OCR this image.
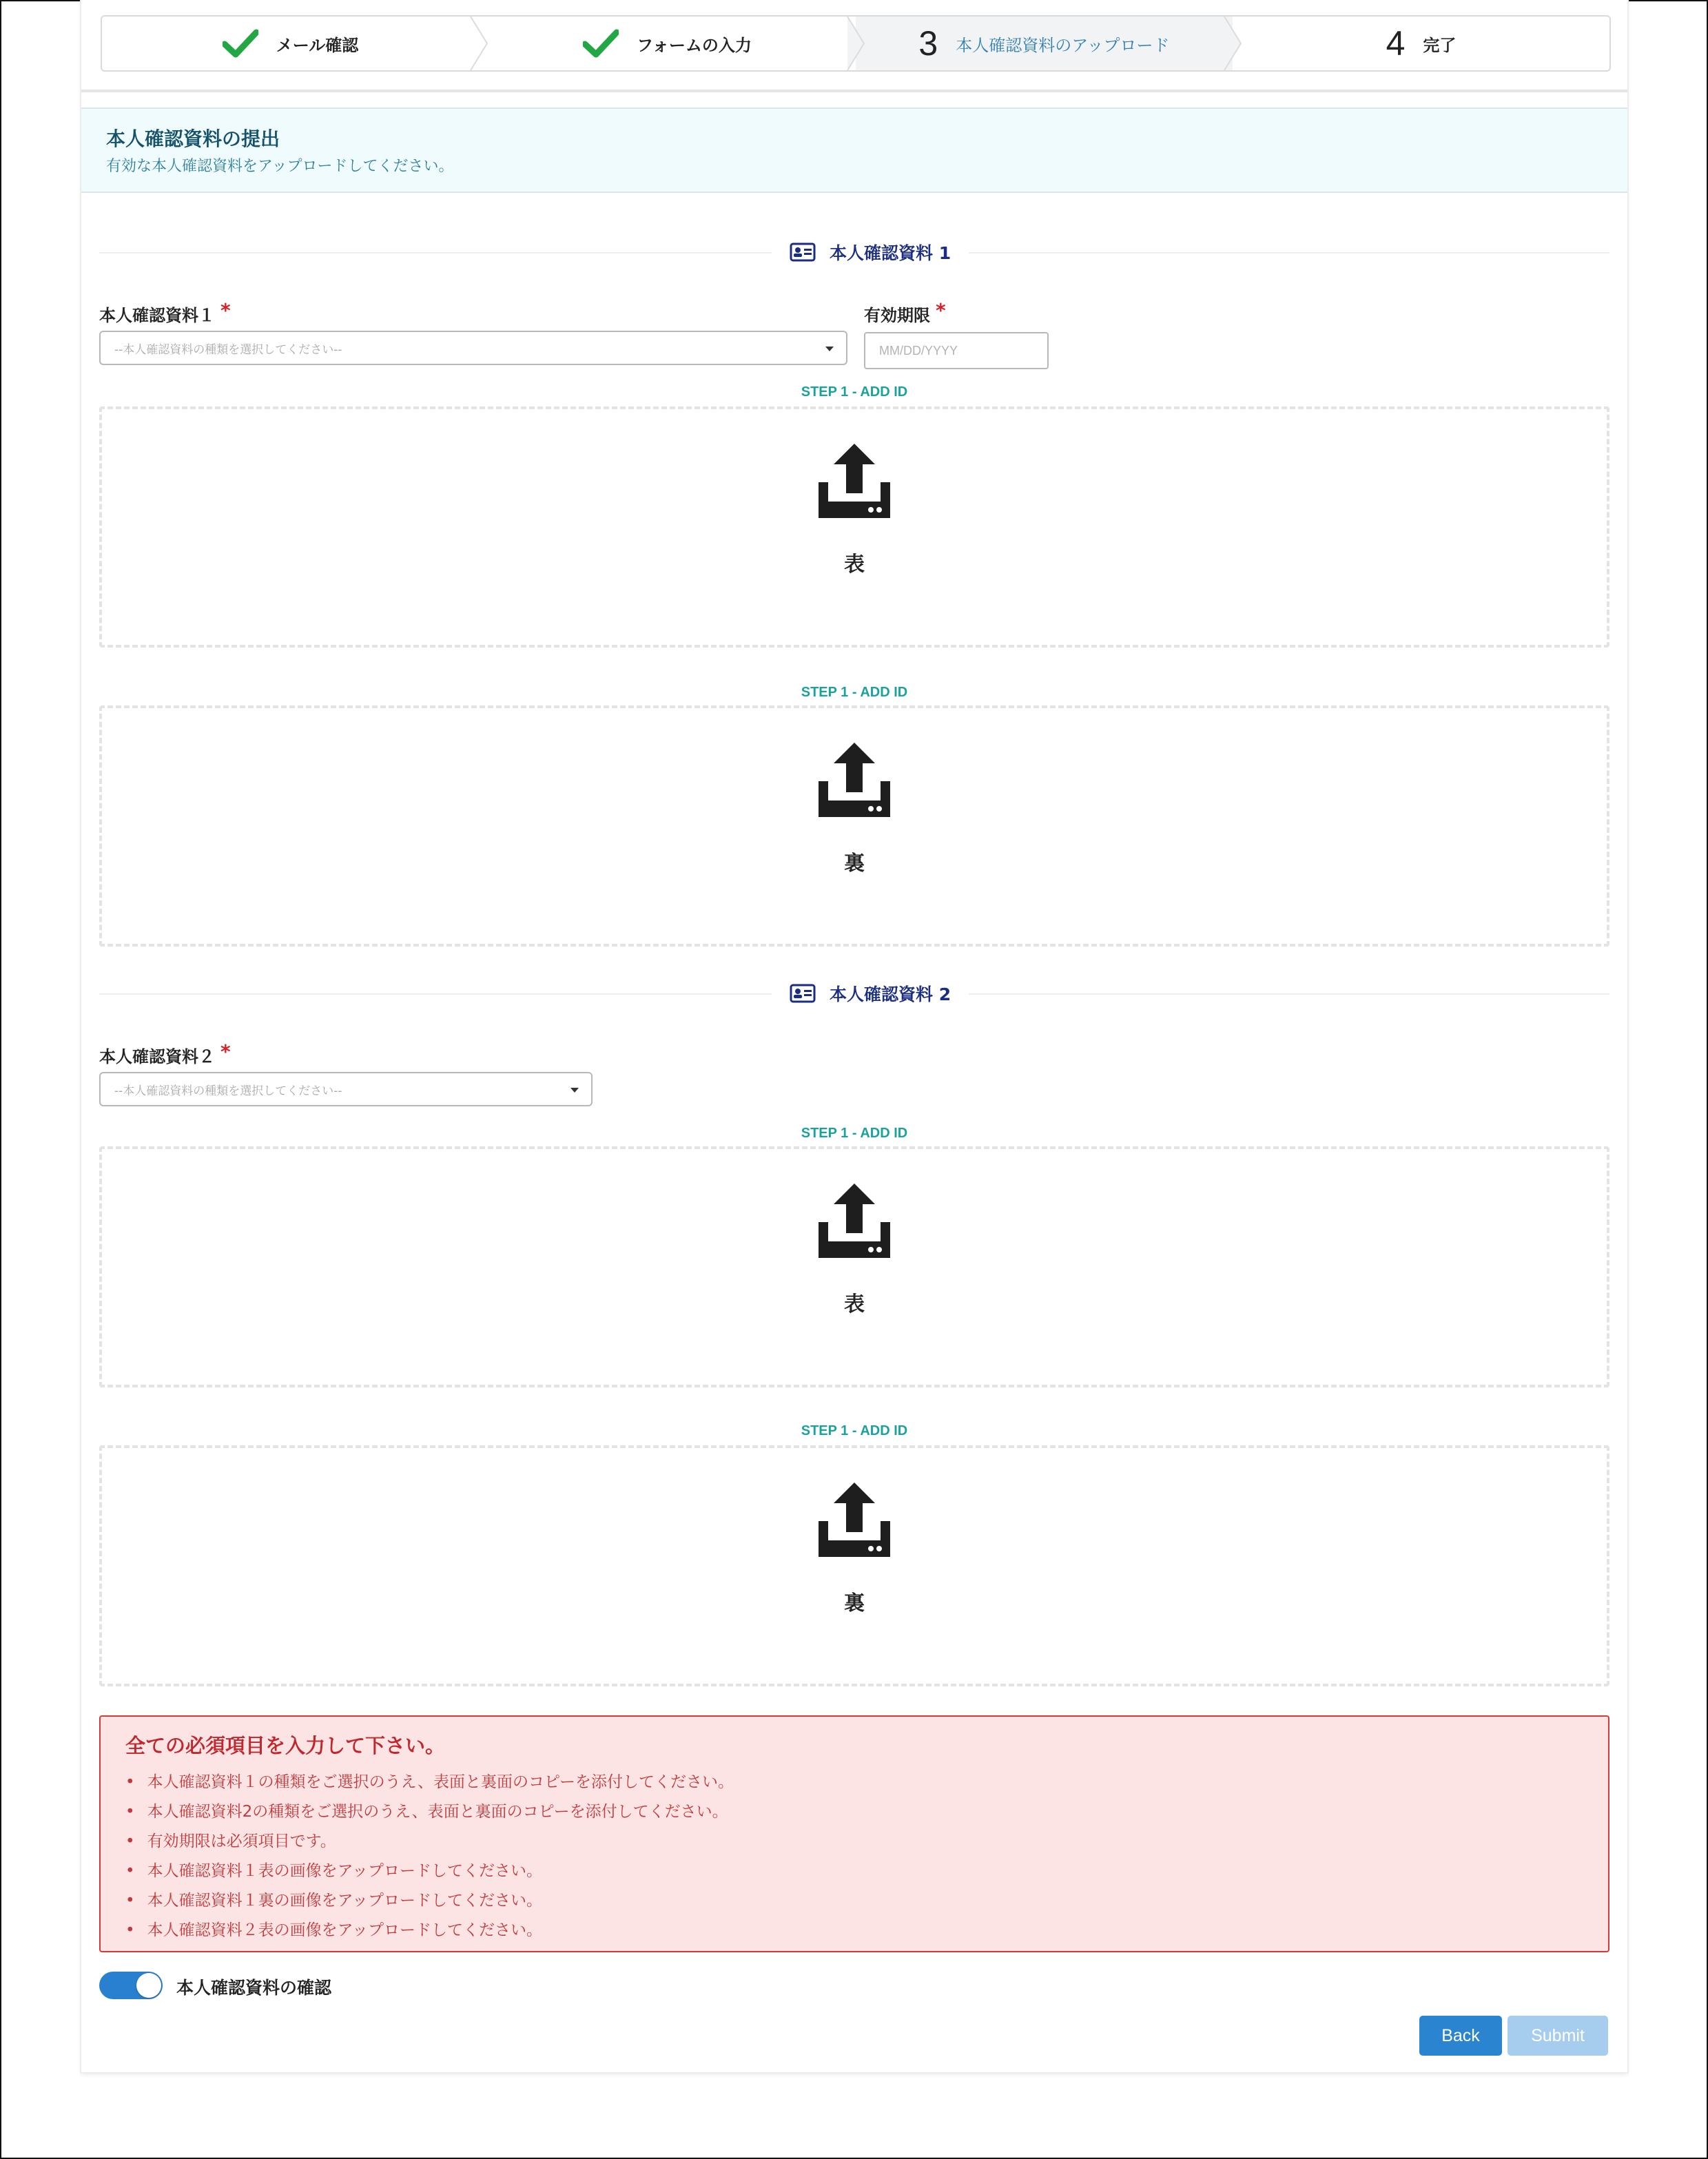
メール確認	フォームの入力	3 本人確認資料のアップロード	4 完了
本人確認資料の提出
有効な本人確認資料をアップロードしてください。
本人確認資料 1
本人確認資料１ *
--本人確認資料の種類を選択してください--
有効期限 *
MM/DD/YYYY
STEP 1 - ADD ID
表
STEP 1 - ADD ID
裏
本人確認資料 2
本人確認資料２ *
--本人確認資料の種類を選択してください--
STEP 1 - ADD ID
表
STEP 1 - ADD ID
裏
全ての必須項目を入力して下さい。
• 本人確認資料１の種類をご選択のうえ、表面と裏面のコピーを添付してください。
• 本人確認資料2の種類をご選択のうえ、表面と裏面のコピーを添付してください。
• 有効期限は必須項目です。
• 本人確認資料１表の画像をアップロードしてください。
• 本人確認資料１裏の画像をアップロードしてください。
• 本人確認資料２表の画像をアップロードしてください。
本人確認資料の確認
Back	Submit
